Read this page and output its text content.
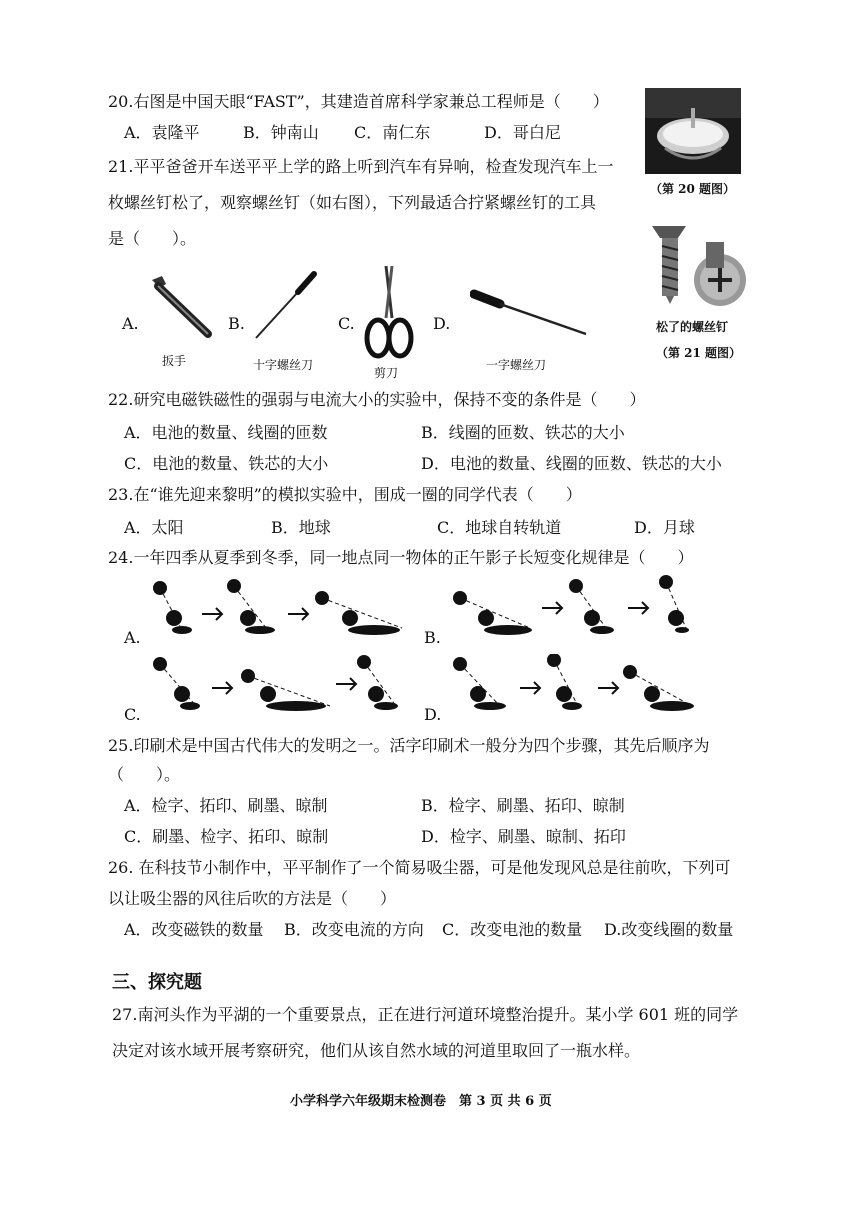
20.右图是中国天眼“FAST”，其建造首席科学家兼总工程师是（　　）
A．袁隆平	B．钟南山 C．南仁东	D．哥白尼
（第 20 题图）
21.平平爸爸开车送平平上学的路上听到汽车有异响，检查发现汽车上一
枚螺丝钉松了，观察螺丝钉（如右图），下列最适合拧紧螺丝钉的工具
是（　　）。
A.
扳手
B.
十字螺丝刀
C.
剪刀
D.
一字螺丝刀
松了的螺丝钉
（第 21 题图）
22.研究电磁铁磁性的强弱与电流大小的实验中，保持不变的条件是（　　）
A．电池的数量、线圈的匝数	B．线圈的匝数、铁芯的大小
C．电池的数量、铁芯的大小	D．电池的数量、线圈的匝数、铁芯的大小
23.在“谁先迎来黎明”的模拟实验中，围成一圈的同学代表（　　）
A．太阳	B．地球	C．地球自转轨道	D．月球
24.一年四季从夏季到冬季，同一地点同一物体的正午影子长短变化规律是（　　）
A.	B.
C.	D.
25.印刷术是中国古代伟大的发明之一。活字印刷术一般分为四个步骤，其先后顺序为
（　　）。
A．检字、拓印、刷墨、晾制	B．检字、刷墨、拓印、晾制
C．刷墨、检字、拓印、晾制	D．检字、刷墨、晾制、拓印
26. 在科技节小制作中，平平制作了一个简易吸尘器，可是他发现风总是往前吹，下列可
以让吸尘器的风往后吹的方法是（　　）
A．改变磁铁的数量 B．改变电流的方向 C．改变电池的数量 D.改变线圈的数量
三、探究题
27.南河头作为平湖的一个重要景点，正在进行河道环境整治提升。某小学 601 班的同学
决定对该水域开展考察研究，他们从该自然水域的河道里取回了一瓶水样。
小学科学六年级期末检测卷　第 3 页 共 6 页
